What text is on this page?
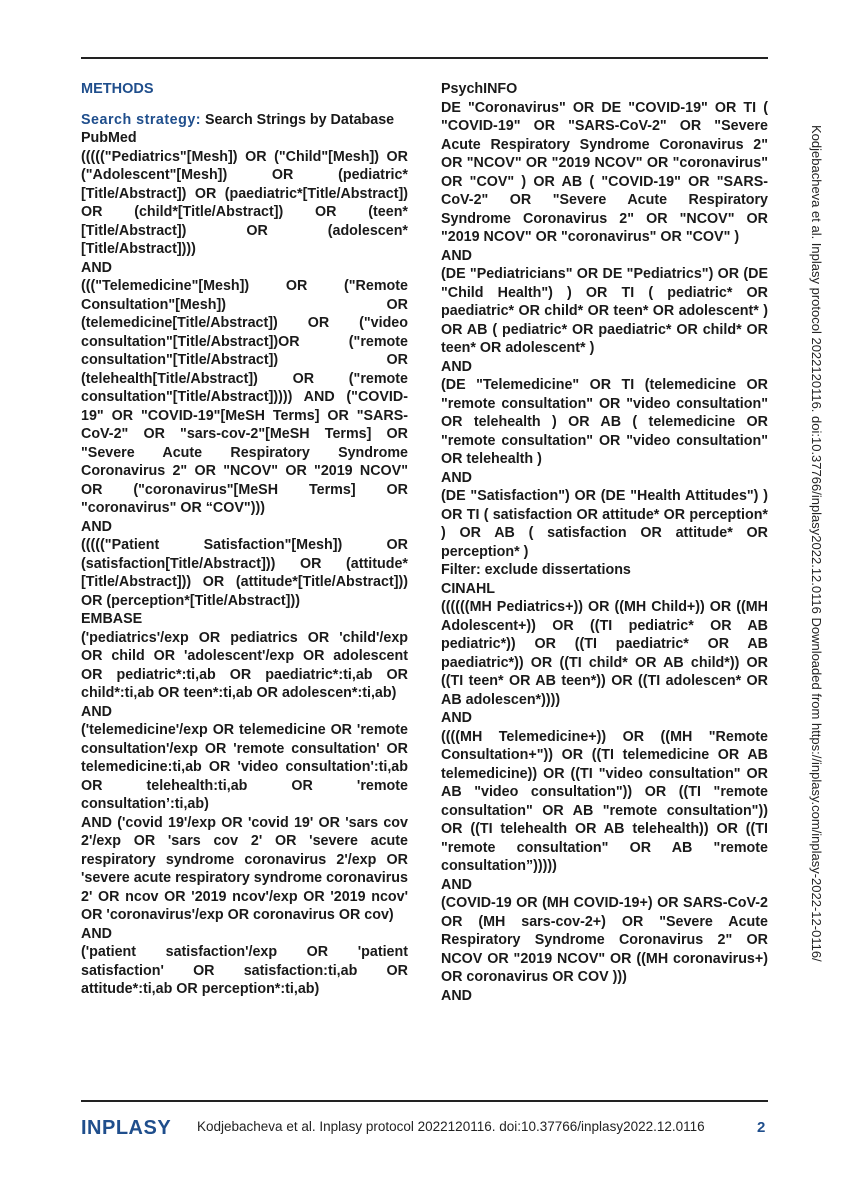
METHODS

Search strategy: Search Strings by Database

PubMed

((((("Pediatrics"[Mesh]) OR ("Child"[Mesh]) OR ("Adolescent"[Mesh]) OR (pediatric*[Title/Abstract]) OR (paediatric*[Title/Abstract]) OR (child*[Title/Abstract]) OR (teen*[Title/Abstract]) OR (adolescen*[Title/Abstract])))

AND

((("Telemedicine"[Mesh]) OR ("Remote Consultation"[Mesh]) OR (telemedicine[Title/Abstract]) OR ("video consultation"[Title/Abstract])OR ("remote consultation"[Title/Abstract]) OR (telehealth[Title/Abstract]) OR ("remote consultation"[Title/Abstract])))) AND ("COVID-19" OR "COVID-19"[MeSH Terms] OR "SARS-CoV-2" OR "sars-cov-2"[MeSH Terms] OR "Severe Acute Respiratory Syndrome Coronavirus 2" OR "NCOV" OR "2019 NCOV" OR ("coronavirus"[MeSH Terms] OR "coronavirus" OR “COV")))

AND

((((("Patient Satisfaction"[Mesh]) OR (satisfaction[Title/Abstract])) OR (attitude*[Title/Abstract])) OR (attitude*[Title/Abstract])) OR (perception*[Title/Abstract]))

EMBASE

('pediatrics'/exp OR pediatrics OR 'child'/exp OR child OR 'adolescent'/exp OR adolescent OR pediatric*:ti,ab OR paediatric*:ti,ab OR child*:ti,ab OR teen*:ti,ab OR adolescen*:ti,ab)

AND

('telemedicine'/exp OR telemedicine OR 'remote consultation'/exp OR 'remote consultation' OR telemedicine:ti,ab OR 'video consultation':ti,ab OR telehealth:ti,ab OR 'remote consultation’:ti,ab)

AND ('covid 19'/exp OR 'covid 19' OR 'sars cov 2'/exp OR 'sars cov 2' OR 'severe acute respiratory syndrome coronavirus 2'/exp OR 'severe acute respiratory syndrome coronavirus 2' OR ncov OR '2019 ncov'/exp OR '2019 ncov' OR 'coronavirus'/exp OR coronavirus OR cov)

AND

('patient satisfaction'/exp OR 'patient satisfaction' OR satisfaction:ti,ab OR attitude*:ti,ab OR perception*:ti,ab)

PsychINFO

DE "Coronavirus" OR DE "COVID-19" OR TI ( "COVID-19" OR "SARS-CoV-2" OR "Severe Acute Respiratory Syndrome Coronavirus 2" OR "NCOV" OR "2019 NCOV" OR "coronavirus" OR "COV" ) OR AB ( "COVID-19" OR "SARS-CoV-2" OR "Severe Acute Respiratory Syndrome Coronavirus 2" OR "NCOV" OR "2019 NCOV" OR "coronavirus" OR "COV" )

AND

(DE "Pediatricians" OR DE "Pediatrics") OR (DE "Child Health") ) OR TI ( pediatric* OR paediatric* OR child* OR teen* OR adolescent* ) OR AB ( pediatric* OR paediatric* OR child* OR teen* OR adolescent* )

AND

(DE "Telemedicine" OR TI (telemedicine OR "remote consultation" OR "video consultation" OR telehealth ) OR AB ( telemedicine OR "remote consultation" OR "video consultation" OR telehealth )

AND

(DE "Satisfaction") OR (DE "Health Attitudes") ) OR TI ( satisfaction OR attitude* OR perception* ) OR AB ( satisfaction OR attitude* OR perception* )

Filter: exclude dissertations

CINAHL

((((((MH Pediatrics+)) OR ((MH Child+)) OR ((MH Adolescent+)) OR ((TI pediatric* OR AB pediatric*)) OR ((TI paediatric* OR AB paediatric*)) OR ((TI child* OR AB child*)) OR ((TI teen* OR AB teen*)) OR ((TI adolescen* OR AB adolescen*))))

AND

((((MH Telemedicine+)) OR ((MH "Remote Consultation+")) OR ((TI telemedicine OR AB telemedicine)) OR ((TI "video consultation" OR AB "video consultation")) OR ((TI "remote consultation" OR AB "remote consultation")) OR ((TI telehealth OR AB telehealth)) OR ((TI "remote consultation" OR AB "remote consultation”)))))

AND

(COVID-19 OR (MH COVID-19+) OR SARS-CoV-2 OR (MH sars-cov-2+) OR "Severe Acute Respiratory Syndrome Coronavirus 2" OR NCOV OR "2019 NCOV" OR ((MH coronavirus+) OR coronavirus OR COV )))

AND

Kodjebacheva et al. Inplasy protocol 2022120116. doi:10.37766/inplasy2022.12.0116 Downloaded from https://inplasy.com/inplasy-2022-12-0116/
INPLASY Kodjebacheva et al. Inplasy protocol 2022120116. doi:10.37766/inplasy2022.12.0116	2
